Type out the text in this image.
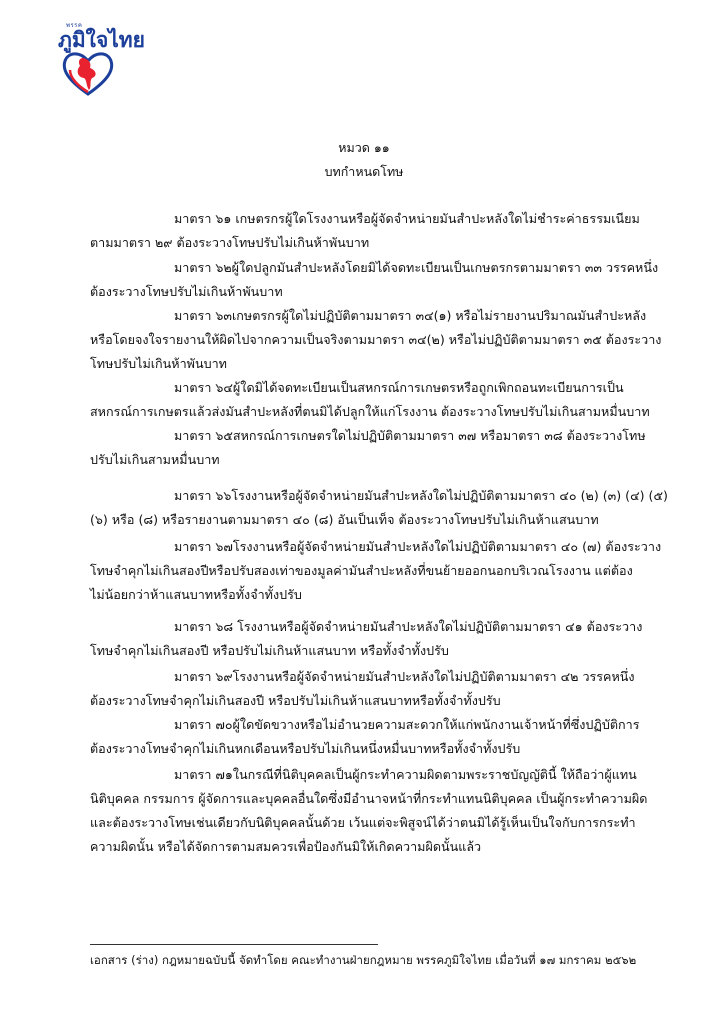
พรรค
ภูมิใจไทย
หมวด ๑๑
บทกำหนดโทษ
มาตรา ๖๑ เกษตรกรผู้ใดโรงงานหรือผู้จัดจำหน่ายมันสำปะหลังใดไม่ชำระค่าธรรมเนียม
ตามมาตรา ๒๙ ต้องระวางโทษปรับไม่เกินห้าพันบาท
มาตรา ๖๒ผู้ใดปลูกมันสำปะหลังโดยมิได้จดทะเบียนเป็นเกษตรกรตามมาตรา ๓๓ วรรคหนึ่ง
ต้องระวางโทษปรับไม่เกินห้าพันบาท
มาตรา ๖๓เกษตรกรผู้ใดไม่ปฏิบัติตามมาตรา ๓๔(๑) หรือไม่รายงานปริมาณมันสำปะหลัง
หรือโดยจงใจรายงานให้ผิดไปจากความเป็นจริงตามมาตรา ๓๔(๒) หรือไม่ปฏิบัติตามมาตรา ๓๕ ต้องระวาง
โทษปรับไม่เกินห้าพันบาท
มาตรา ๖๔ผู้ใดมิได้จดทะเบียนเป็นสหกรณ์การเกษตรหรือถูกเพิกถอนทะเบียนการเป็น
สหกรณ์การเกษตรแล้วส่งมันสำปะหลังที่ตนมิได้ปลูกให้แก่โรงงาน ต้องระวางโทษปรับไม่เกินสามหมื่นบาท
มาตรา ๖๕สหกรณ์การเกษตรใดไม่ปฏิบัติตามมาตรา ๓๗ หรือมาตรา ๓๘ ต้องระวางโทษ
ปรับไม่เกินสามหมื่นบาท
มาตรา ๖๖โรงงานหรือผู้จัดจำหน่ายมันสำปะหลังใดไม่ปฏิบัติตามมาตรา ๔๐ (๒) (๓) (๔) (๕)
(๖) หรือ (๘) หรือรายงานตามมาตรา ๔๐ (๘) อันเป็นเท็จ ต้องระวางโทษปรับไม่เกินห้าแสนบาท
มาตรา ๖๗โรงงานหรือผู้จัดจำหน่ายมันสำปะหลังใดไม่ปฏิบัติตามมาตรา ๔๐ (๗) ต้องระวาง
โทษจำคุกไม่เกินสองปีหรือปรับสองเท่าของมูลค่ามันสำปะหลังที่ขนย้ายออกนอกบริเวณโรงงาน แต่ต้อง
ไม่น้อยกว่าห้าแสนบาทหรือทั้งจำทั้งปรับ
มาตรา ๖๘ โรงงานหรือผู้จัดจำหน่ายมันสำปะหลังใดไม่ปฏิบัติตามมาตรา ๔๑ ต้องระวาง
โทษจำคุกไม่เกินสองปี หรือปรับไม่เกินห้าแสนบาท หรือทั้งจำทั้งปรับ
มาตรา ๖๙โรงงานหรือผู้จัดจำหน่ายมันสำปะหลังใดไม่ปฏิบัติตามมาตรา ๔๒ วรรคหนึ่ง
ต้องระวางโทษจำคุกไม่เกินสองปี หรือปรับไม่เกินห้าแสนบาทหรือทั้งจำทั้งปรับ
มาตรา ๗๐ผู้ใดขัดขวางหรือไม่อำนวยความสะดวกให้แก่พนักงานเจ้าหน้าที่ซึ่งปฏิบัติการ
ต้องระวางโทษจำคุกไม่เกินหกเดือนหรือปรับไม่เกินหนึ่งหมื่นบาทหรือทั้งจำทั้งปรับ
มาตรา ๗๑ในกรณีที่นิติบุคคลเป็นผู้กระทำความผิดตามพระราชบัญญัตินี้ ให้ถือว่าผู้แทน
นิติบุคคล กรรมการ ผู้จัดการและบุคคลอื่นใดซึ่งมีอำนาจหน้าที่กระทำแทนนิติบุคคล เป็นผู้กระทำความผิด
และต้องระวางโทษเช่นเดียวกับนิติบุคคลนั้นด้วย เว้นแต่จะพิสูจน์ได้ว่าตนมิได้รู้เห็นเป็นใจกับการกระทำ
ความผิดนั้น หรือได้จัดการตามสมควรเพื่อป้องกันมิให้เกิดความผิดนั้นแล้ว
เอกสาร (ร่าง) กฎหมายฉบับนี้ จัดทำโดย คณะทำงานฝ่ายกฎหมาย พรรคภูมิใจไทย เมื่อวันที่ ๑๗ มกราคม ๒๕๖๒
